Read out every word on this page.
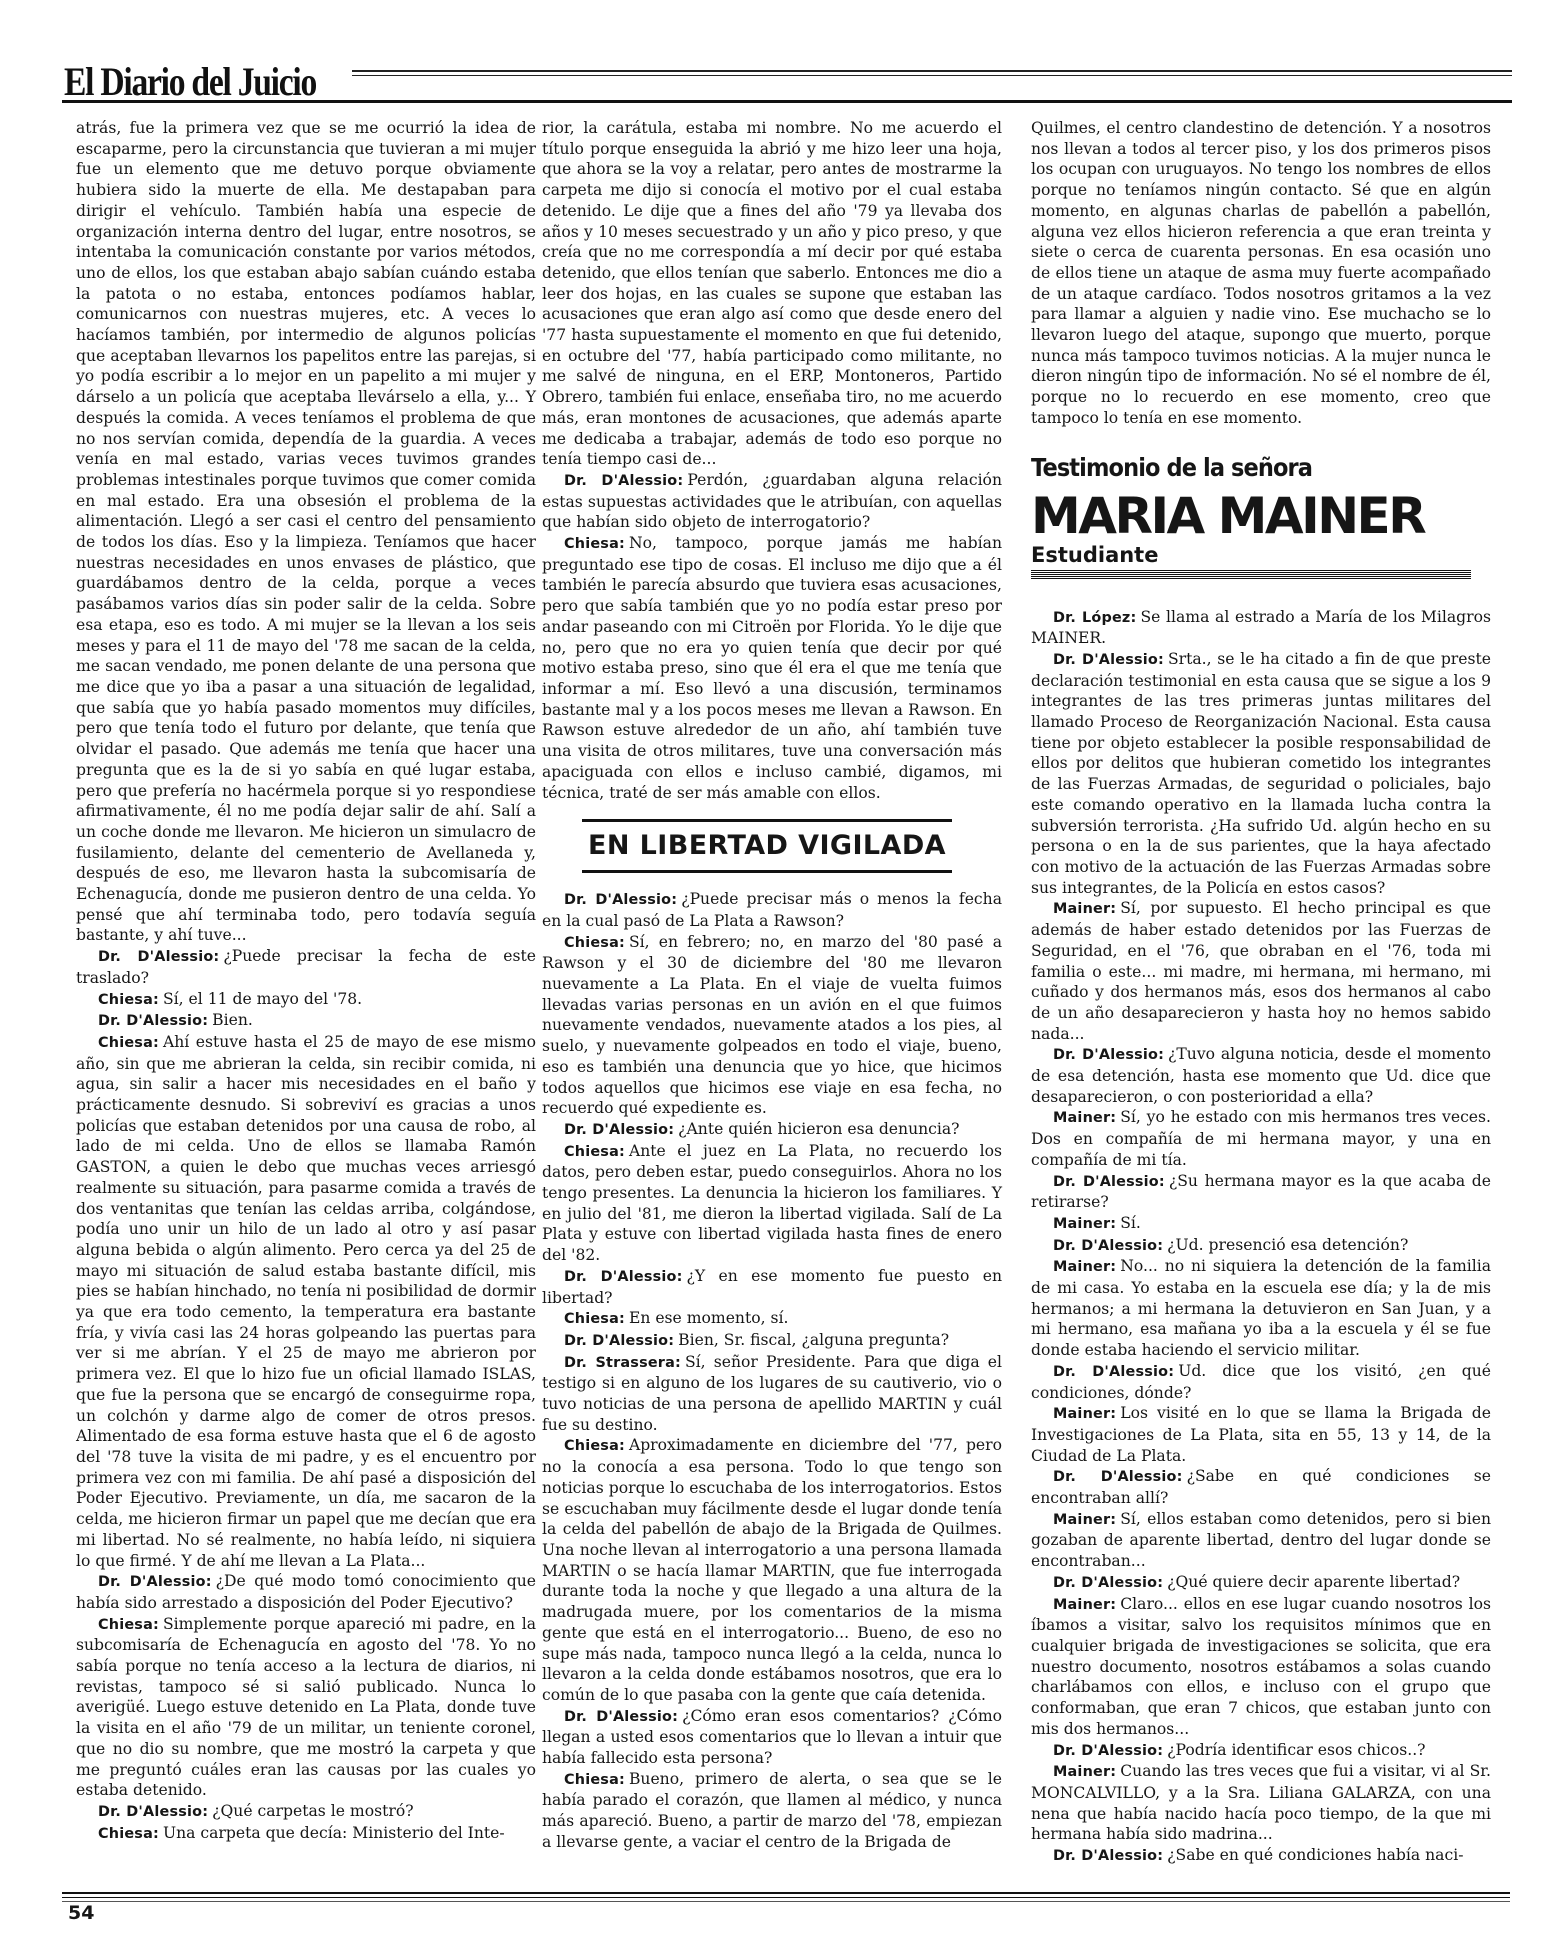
El Diario del Juicio

atrás, fue la primera vez que se me ocurrió la idea de escaparme, pero la circunstancia que tuvieran a mi mujer fue un elemento que me detuvo porque obviamente hubiera sido la muerte de ella. Me destapaban para dirigir el vehículo. También había una especie de organización interna dentro del lugar, entre nosotros, se intentaba la comunicación constante por varios métodos, uno de ellos, los que estaban abajo sabían cuándo estaba la patota o no estaba, entonces podíamos hablar, comunicarnos con nuestras mujeres, etc. A veces lo hacíamos también, por intermedio de algunos policías que aceptaban llevarnos los papelitos entre las parejas, si yo podía escribir a lo mejor en un papelito a mi mujer y dárselo a un policía que aceptaba llevárselo a ella, y... Y después la comida. A veces teníamos el problema de que no nos servían comida, dependía de la guardia. A veces venía en mal estado, varias veces tuvimos grandes problemas intestinales porque tuvimos que comer comida en mal estado. Era una obsesión el problema de la alimentación. Llegó a ser casi el centro del pensamiento de todos los días. Eso y la limpieza. Teníamos que hacer nuestras necesidades en unos envases de plástico, que guardábamos dentro de la celda, porque a veces pasábamos varios días sin poder salir de la celda. Sobre esa etapa, eso es todo. A mi mujer se la llevan a los seis meses y para el 11 de mayo del '78 me sacan de la celda, me sacan vendado, me ponen delante de una persona que me dice que yo iba a pasar a una situación de legalidad, que sabía que yo había pasado momentos muy difíciles, pero que tenía todo el futuro por delante, que tenía que olvidar el pasado. Que además me tenía que hacer una pregunta que es la de si yo sabía en qué lugar estaba, pero que prefería no hacérmela porque si yo respondiese afirmativamente, él no me podía dejar salir de ahí. Salí a un coche donde me llevaron. Me hicieron un simulacro de fusilamiento, delante del cementerio de Avellaneda y, después de eso, me llevaron hasta la subcomisaría de Echenagucía, donde me pusieron dentro de una celda. Yo pensé que ahí terminaba todo, pero todavía seguía bastante, y ahí tuve...

Dr. D'Alessio: ¿Puede precisar la fecha de este traslado?

Chiesa: Sí, el 11 de mayo del '78.

Dr. D'Alessio: Bien.

Chiesa: Ahí estuve hasta el 25 de mayo de ese mismo año, sin que me abrieran la celda, sin recibir comida, ni agua, sin salir a hacer mis necesidades en el baño y prácticamente desnudo. Si sobreviví es gracias a unos policías que estaban detenidos por una causa de robo, al lado de mi celda. Uno de ellos se llamaba Ramón GASTON, a quien le debo que muchas veces arriesgó realmente su situación, para pasarme comida a través de dos ventanitas que tenían las celdas arriba, colgándose, podía uno unir un hilo de un lado al otro y así pasar alguna bebida o algún alimento. Pero cerca ya del 25 de mayo mi situación de salud estaba bastante difícil, mis pies se habían hinchado, no tenía ni posibilidad de dormir ya que era todo cemento, la temperatura era bastante fría, y vivía casi las 24 horas golpeando las puertas para ver si me abrían. Y el 25 de mayo me abrieron por primera vez. El que lo hizo fue un oficial llamado ISLAS, que fue la persona que se encargó de conseguirme ropa, un colchón y darme algo de comer de otros presos. Alimentado de esa forma estuve hasta que el 6 de agosto del '78 tuve la visita de mi padre, y es el encuentro por primera vez con mi familia. De ahí pasé a disposición del Poder Ejecutivo. Previamente, un día, me sacaron de la celda, me hicieron firmar un papel que me decían que era mi libertad. No sé realmente, no había leído, ni siquiera lo que firmé. Y de ahí me llevan a La Plata...

Dr. D'Alessio: ¿De qué modo tomó conocimiento que había sido arrestado a disposición del Poder Ejecutivo?

Chiesa: Simplemente porque apareció mi padre, en la subcomisaría de Echenagucía en agosto del '78. Yo no sabía porque no tenía acceso a la lectura de diarios, ni revistas, tampoco sé si salió publicado. Nunca lo averigüé. Luego estuve detenido en La Plata, donde tuve la visita en el año '79 de un militar, un teniente coronel, que no dio su nombre, que me mostró la carpeta y que me preguntó cuáles eran las causas por las cuales yo estaba detenido.

Dr. D'Alessio: ¿Qué carpetas le mostró?

Chiesa: Una carpeta que decía: Ministerio del Inte-

rior, la carátula, estaba mi nombre. No me acuerdo el título porque enseguida la abrió y me hizo leer una hoja, que ahora se la voy a relatar, pero antes de mostrarme la carpeta me dijo si conocía el motivo por el cual estaba detenido. Le dije que a fines del año '79 ya llevaba dos años y 10 meses secuestrado y un año y pico preso, y que creía que no me correspondía a mí decir por qué estaba detenido, que ellos tenían que saberlo. Entonces me dio a leer dos hojas, en las cuales se supone que estaban las acusaciones que eran algo así como que desde enero del '77 hasta supuestamente el momento en que fui detenido, en octubre del '77, había participado como militante, no me salvé de ninguna, en el ERP, Montoneros, Partido Obrero, también fui enlace, enseñaba tiro, no me acuerdo más, eran montones de acusaciones, que además aparte me dedicaba a trabajar, además de todo eso porque no tenía tiempo casi de...

Dr. D'Alessio: Perdón, ¿guardaban alguna relación estas supuestas actividades que le atribuían, con aquellas que habían sido objeto de interrogatorio?

Chiesa: No, tampoco, porque jamás me habían preguntado ese tipo de cosas. El incluso me dijo que a él también le parecía absurdo que tuviera esas acusaciones, pero que sabía también que yo no podía estar preso por andar paseando con mi Citroën por Florida. Yo le dije que no, pero que no era yo quien tenía que decir por qué motivo estaba preso, sino que él era el que me tenía que informar a mí. Eso llevó a una discusión, terminamos bastante mal y a los pocos meses me llevan a Rawson. En Rawson estuve alrededor de un año, ahí también tuve una visita de otros militares, tuve una conversación más apaciguada con ellos e incluso cambié, digamos, mi técnica, traté de ser más amable con ellos.

EN LIBERTAD VIGILADA

Dr. D'Alessio: ¿Puede precisar más o menos la fecha en la cual pasó de La Plata a Rawson?

Chiesa: Sí, en febrero; no, en marzo del '80 pasé a Rawson y el 30 de diciembre del '80 me llevaron nuevamente a La Plata. En el viaje de vuelta fuimos llevadas varias personas en un avión en el que fuimos nuevamente vendados, nuevamente atados a los pies, al suelo, y nuevamente golpeados en todo el viaje, bueno, eso es también una denuncia que yo hice, que hicimos todos aquellos que hicimos ese viaje en esa fecha, no recuerdo qué expediente es.

Dr. D'Alessio: ¿Ante quién hicieron esa denuncia?

Chiesa: Ante el juez en La Plata, no recuerdo los datos, pero deben estar, puedo conseguirlos. Ahora no los tengo presentes. La denuncia la hicieron los familiares. Y en julio del '81, me dieron la libertad vigilada. Salí de La Plata y estuve con libertad vigilada hasta fines de enero del '82.

Dr. D'Alessio: ¿Y en ese momento fue puesto en libertad?

Chiesa: En ese momento, sí.

Dr. D'Alessio: Bien, Sr. fiscal, ¿alguna pregunta?

Dr. Strassera: Sí, señor Presidente. Para que diga el testigo si en alguno de los lugares de su cautiverio, vio o tuvo noticias de una persona de apellido MARTIN y cuál fue su destino.

Chiesa: Aproximadamente en diciembre del '77, pero no la conocía a esa persona. Todo lo que tengo son noticias porque lo escuchaba de los interrogatorios. Estos se escuchaban muy fácilmente desde el lugar donde tenía la celda del pabellón de abajo de la Brigada de Quilmes. Una noche llevan al interrogatorio a una persona llamada MARTIN o se hacía llamar MARTIN, que fue interrogada durante toda la noche y que llegado a una altura de la madrugada muere, por los comentarios de la misma gente que está en el interrogatorio... Bueno, de eso no supe más nada, tampoco nunca llegó a la celda, nunca lo llevaron a la celda donde estábamos nosotros, que era lo común de lo que pasaba con la gente que caía detenida.

Dr. D'Alessio: ¿Cómo eran esos comentarios? ¿Cómo llegan a usted esos comentarios que lo llevan a intuir que había fallecido esta persona?

Chiesa: Bueno, primero de alerta, o sea que se le había parado el corazón, que llamen al médico, y nunca más apareció. Bueno, a partir de marzo del '78, empiezan a llevarse gente, a vaciar el centro de la Brigada de

Quilmes, el centro clandestino de detención. Y a nosotros nos llevan a todos al tercer piso, y los dos primeros pisos los ocupan con uruguayos. No tengo los nombres de ellos porque no teníamos ningún contacto. Sé que en algún momento, en algunas charlas de pabellón a pabellón, alguna vez ellos hicieron referencia a que eran treinta y siete o cerca de cuarenta personas. En esa ocasión uno de ellos tiene un ataque de asma muy fuerte acompañado de un ataque cardíaco. Todos nosotros gritamos a la vez para llamar a alguien y nadie vino. Ese muchacho se lo llevaron luego del ataque, supongo que muerto, porque nunca más tampoco tuvimos noticias. A la mujer nunca le dieron ningún tipo de información. No sé el nombre de él, porque no lo recuerdo en ese momento, creo que tampoco lo tenía en ese momento.

Testimonio de la señora
MARIA MAINER
Estudiante

Dr. López: Se llama al estrado a María de los Milagros MAINER.

Dr. D'Alessio: Srta., se le ha citado a fin de que preste declaración testimonial en esta causa que se sigue a los 9 integrantes de las tres primeras juntas militares del llamado Proceso de Reorganización Nacional. Esta causa tiene por objeto establecer la posible responsabilidad de ellos por delitos que hubieran cometido los integrantes de las Fuerzas Armadas, de seguridad o policiales, bajo este comando operativo en la llamada lucha contra la subversión terrorista. ¿Ha sufrido Ud. algún hecho en su persona o en la de sus parientes, que la haya afectado con motivo de la actuación de las Fuerzas Armadas sobre sus integrantes, de la Policía en estos casos?

Mainer: Sí, por supuesto. El hecho principal es que además de haber estado detenidos por las Fuerzas de Seguridad, en el '76, que obraban en el '76, toda mi familia o este... mi madre, mi hermana, mi hermano, mi cuñado y dos hermanos más, esos dos hermanos al cabo de un año desaparecieron y hasta hoy no hemos sabido nada...

Dr. D'Alessio: ¿Tuvo alguna noticia, desde el momento de esa detención, hasta ese momento que Ud. dice que desaparecieron, o con posterioridad a ella?

Mainer: Sí, yo he estado con mis hermanos tres veces. Dos en compañía de mi hermana mayor, y una en compañía de mi tía.

Dr. D'Alessio: ¿Su hermana mayor es la que acaba de retirarse?

Mainer: Sí.

Dr. D'Alessio: ¿Ud. presenció esa detención?

Mainer: No... no ni siquiera la detención de la familia de mi casa. Yo estaba en la escuela ese día; y la de mis hermanos; a mi hermana la detuvieron en San Juan, y a mi hermano, esa mañana yo iba a la escuela y él se fue donde estaba haciendo el servicio militar.

Dr. D'Alessio: Ud. dice que los visitó, ¿en qué condiciones, dónde?

Mainer: Los visité en lo que se llama la Brigada de Investigaciones de La Plata, sita en 55, 13 y 14, de la Ciudad de La Plata.

Dr. D'Alessio: ¿Sabe en qué condiciones se encontraban allí?

Mainer: Sí, ellos estaban como detenidos, pero si bien gozaban de aparente libertad, dentro del lugar donde se encontraban...

Dr. D'Alessio: ¿Qué quiere decir aparente libertad?

Mainer: Claro... ellos en ese lugar cuando nosotros los íbamos a visitar, salvo los requisitos mínimos que en cualquier brigada de investigaciones se solicita, que era nuestro documento, nosotros estábamos a solas cuando charlábamos con ellos, e incluso con el grupo que conformaban, que eran 7 chicos, que estaban junto con mis dos hermanos...

Dr. D'Alessio: ¿Podría identificar esos chicos..?

Mainer: Cuando las tres veces que fui a visitar, vi al Sr. MONCALVILLO, y a la Sra. Liliana GALARZA, con una nena que había nacido hacía poco tiempo, de la que mi hermana había sido madrina...

Dr. D'Alessio: ¿Sabe en qué condiciones había naci-

54
